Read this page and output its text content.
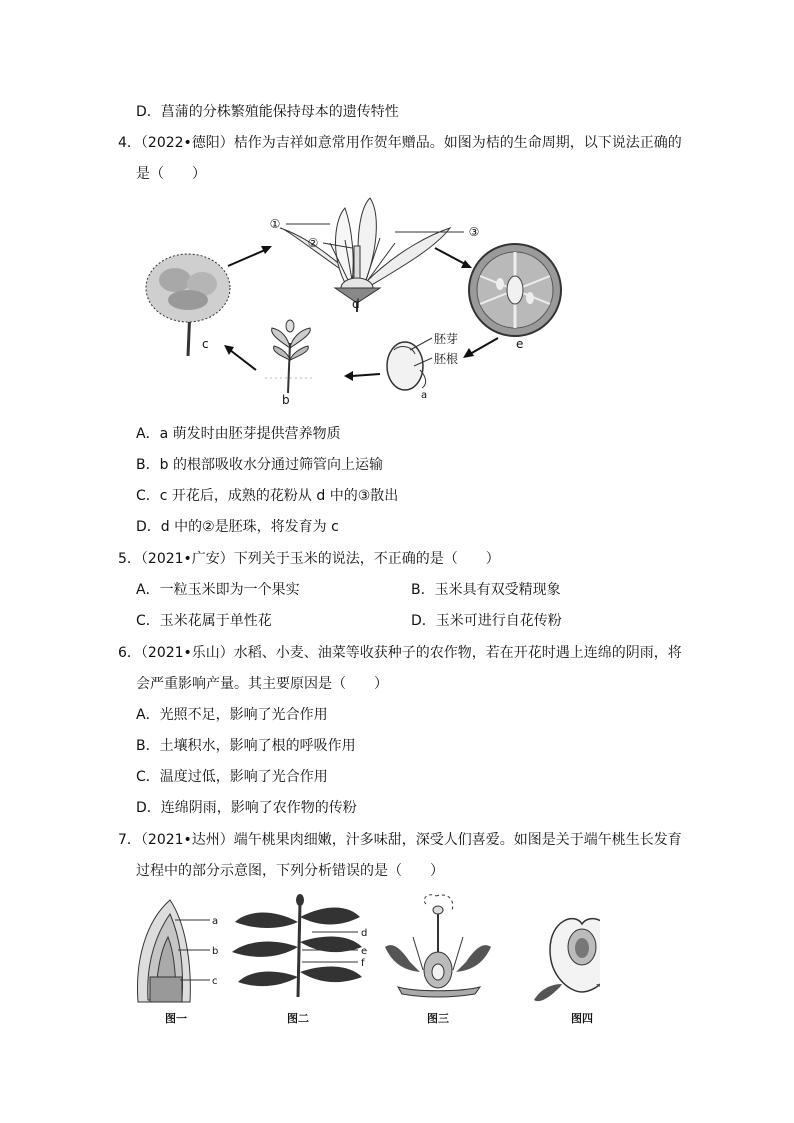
D．菖蒲的分株繁殖能保持母本的遗传特性
4．（2022•德阳）桔作为吉祥如意常用作贺年赠品。如图为桔的生命周期，以下说法正确的
是（　　）
c
d
①
②
③
e
胚芽
胚根
a
b
A．a 萌发时由胚芽提供营养物质
B．b 的根部吸收水分通过筛管向上运输
C．c 开花后，成熟的花粉从 d 中的③散出
D．d 中的②是胚珠，将发育为 c
5．（2021•广安）下列关于玉米的说法，不正确的是（　　）
A．一粒玉米即为一个果实	B．玉米具有双受精现象
C．玉米花属于单性花	D．玉米可进行自花传粉
6．（2021•乐山）水稻、小麦、油菜等收获种子的农作物，若在开花时遇上连绵的阴雨，将
会严重影响产量。其主要原因是（　　）
A．光照不足，影响了光合作用
B．土壤积水，影响了根的呼吸作用
C．温度过低，影响了光合作用
D．连绵阴雨，影响了农作物的传粉
7．（2021•达州）端午桃果肉细嫩，汁多味甜，深受人们喜爱。如图是关于端午桃生长发育
过程中的部分示意图，下列分析错误的是（　　）
a
b
c
图一
d
e
f
图二	图三	图四
